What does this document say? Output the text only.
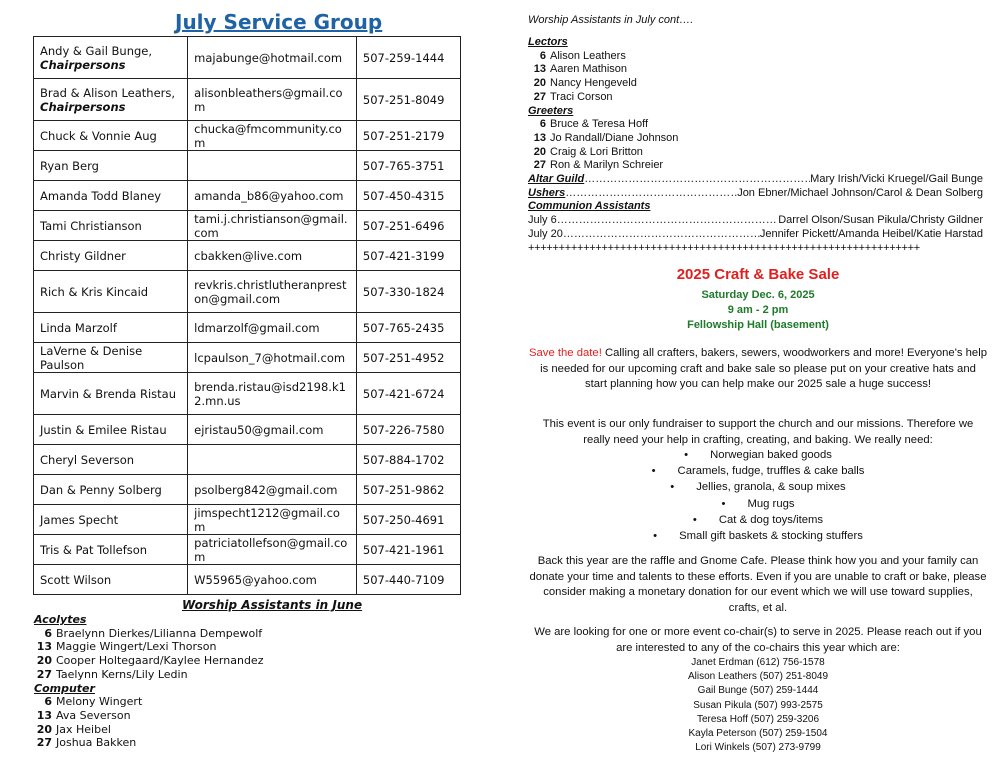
July Service Group
Andy & Gail Bunge,
Chairpersons	majabunge@hotmail.com	507-259-1444
Brad & Alison Leathers,
Chairpersons	alisonbleathers@gmail.com	507-251-8049
Chuck & Vonnie Aug	chucka@fmcommunity.com	507-251-2179
Ryan Berg		507-765-3751
Amanda Todd Blaney	amanda_b86@yahoo.com	507-450-4315
Tami Christianson	tami.j.christianson@gmail.com	507-251-6496
Christy Gildner	cbakken@live.com	507-421-3199
Rich & Kris Kincaid	revkris.christlutheranpreston@gmail.com	507-330-1824
Linda Marzolf	ldmarzolf@gmail.com	507-765-2435
LaVerne & Denise Paulson	lcpaulson_7@hotmail.com	507-251-4952
Marvin & Brenda Ristau	brenda.ristau@isd2198.k12.mn.us	507-421-6724
Justin & Emilee Ristau	ejristau50@gmail.com	507-226-7580
Cheryl Severson		507-884-1702
Dan & Penny Solberg	psolberg842@gmail.com	507-251-9862
James Specht	jimspecht1212@gmail.com	507-250-4691
Tris & Pat Tollefson	patriciatollefson@gmail.com	507-421-1961
Scott Wilson	W55965@yahoo.com	507-440-7109
Worship Assistants in June
Acolytes
6 Braelynn Dierkes/Lilianna Dempewolf
13 Maggie Wingert/Lexi Thorson
20 Cooper Holtegaard/Kaylee Hernandez
27 Taelynn Kerns/Lily Ledin
Computer
6 Melony Wingert
13 Ava Severson
20 Jax Heibel
27 Joshua Bakken
Worship Assistants in July cont….
Lectors
6 Alison Leathers
13 Aaren Mathison
20 Nancy Hengeveld
27 Traci Corson
Greeters
6 Bruce & Teresa Hoff
13 Jo Randall/Diane Johnson
20 Craig & Lori Britton
27 Ron & Marilyn Schreier
Altar Guild ……………………………………………………………………………………………………………	Mary Irish/Vicki Kruegel/Gail Bunge
Ushers ……………………………………………………………………………………………………………	Jon Ebner/Michael Johnson/Carol & Dean Solberg
Communion Assistants
July 6 ……………………………………………………………………………………………………………	Darrel Olson/Susan Pikula/Christy Gildner
July 20 ……………………………………………………………………………………………………………	Jennifer Pickett/Amanda Heibel/Katie Harstad
++++++++++++++++++++++++++++++++++++++++++++++++++++++++++++++++
2025 Craft & Bake Sale
Saturday Dec. 6, 2025
9 am - 2 pm
Fellowship Hall (basement)
Save the date! Calling all crafters, bakers, sewers, woodworkers and more! Everyone's help is needed for our upcoming craft and bake sale so please put on your creative hats and start planning how you can help make our 2025 sale a huge success!
This event is our only fundraiser to support the church and our missions. Therefore we really need your help in crafting, creating, and baking. We really need:
• Norwegian baked goods
• Caramels, fudge, truffles & cake balls
• Jellies, granola, & soup mixes
• Mug rugs
• Cat & dog toys/items
• Small gift baskets & stocking stuffers
Back this year are the raffle and Gnome Cafe. Please think how you and your family can donate your time and talents to these efforts. Even if you are unable to craft or bake, please consider making a monetary donation for our event which we will use toward supplies, crafts, et al.
We are looking for one or more event co-chair(s) to serve in 2025. Please reach out if you are interested to any of the co-chairs this year which are:
Janet Erdman (612) 756-1578
Alison Leathers (507) 251-8049
Gail Bunge (507) 259-1444
Susan Pikula (507) 993-2575
Teresa Hoff (507) 259-3206
Kayla Peterson (507) 259-1504
Lori Winkels (507) 273-9799
